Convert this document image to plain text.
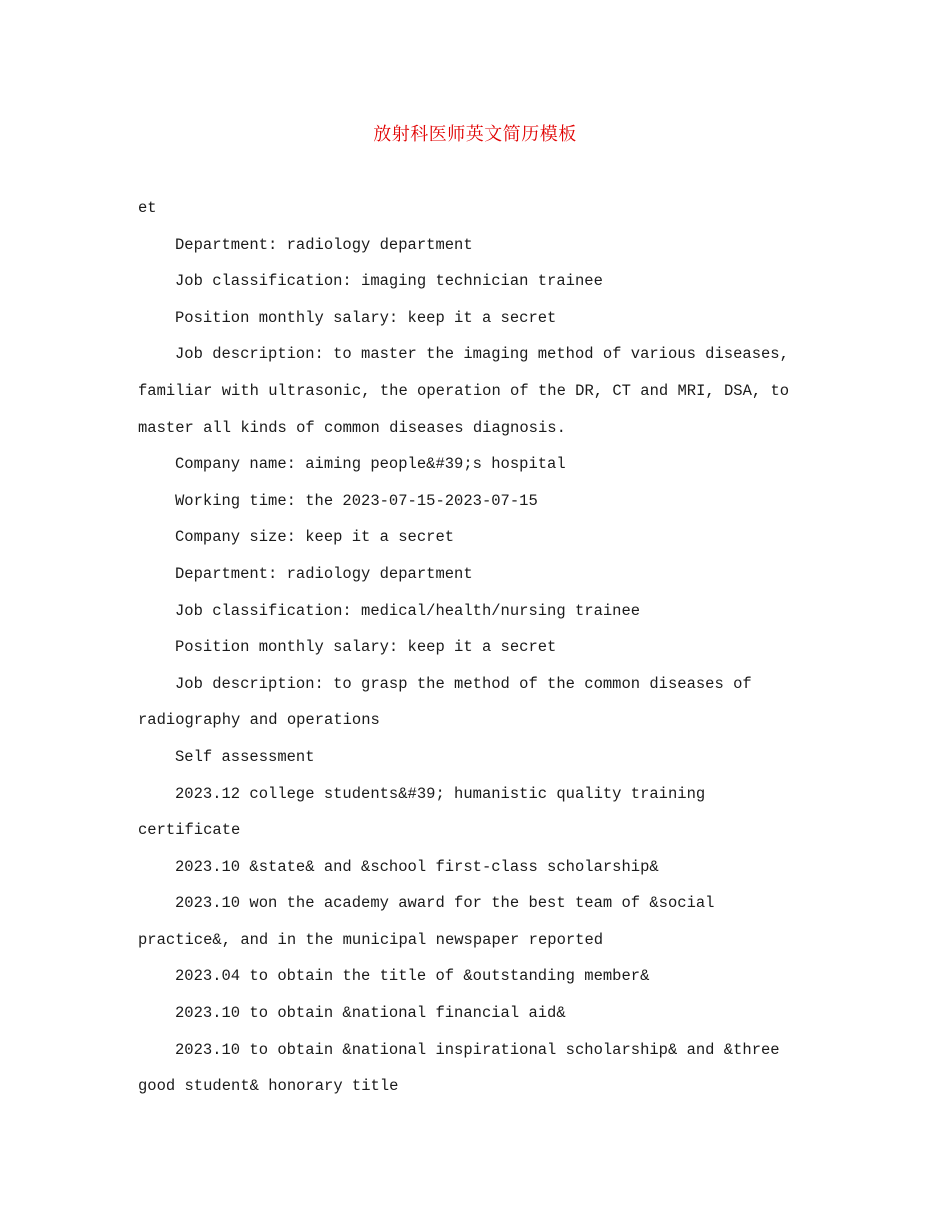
放射科医师英文简历模板

et

Department: radiology department

Job classification: imaging technician trainee

Position monthly salary: keep it a secret

Job description: to master the imaging method of various diseases, familiar with ultrasonic, the operation of the DR, CT and MRI, DSA, to master all kinds of common diseases diagnosis.

Company name: aiming people&#39;s hospital

Working time: the 2023-07-15-2023-07-15

Company size: keep it a secret

Department: radiology department

Job classification: medical/health/nursing trainee

Position monthly salary: keep it a secret

Job description: to grasp the method of the common diseases of radiography and operations

Self assessment

2023.12 college students&#39; humanistic quality training certificate

2023.10 &state& and &school first-class scholarship&

2023.10 won the academy award for the best team of &social practice&, and in the municipal newspaper reported

2023.04 to obtain the title of &outstanding member&

2023.10 to obtain &national financial aid&

2023.10 to obtain &national inspirational scholarship& and &three good student& honorary title
